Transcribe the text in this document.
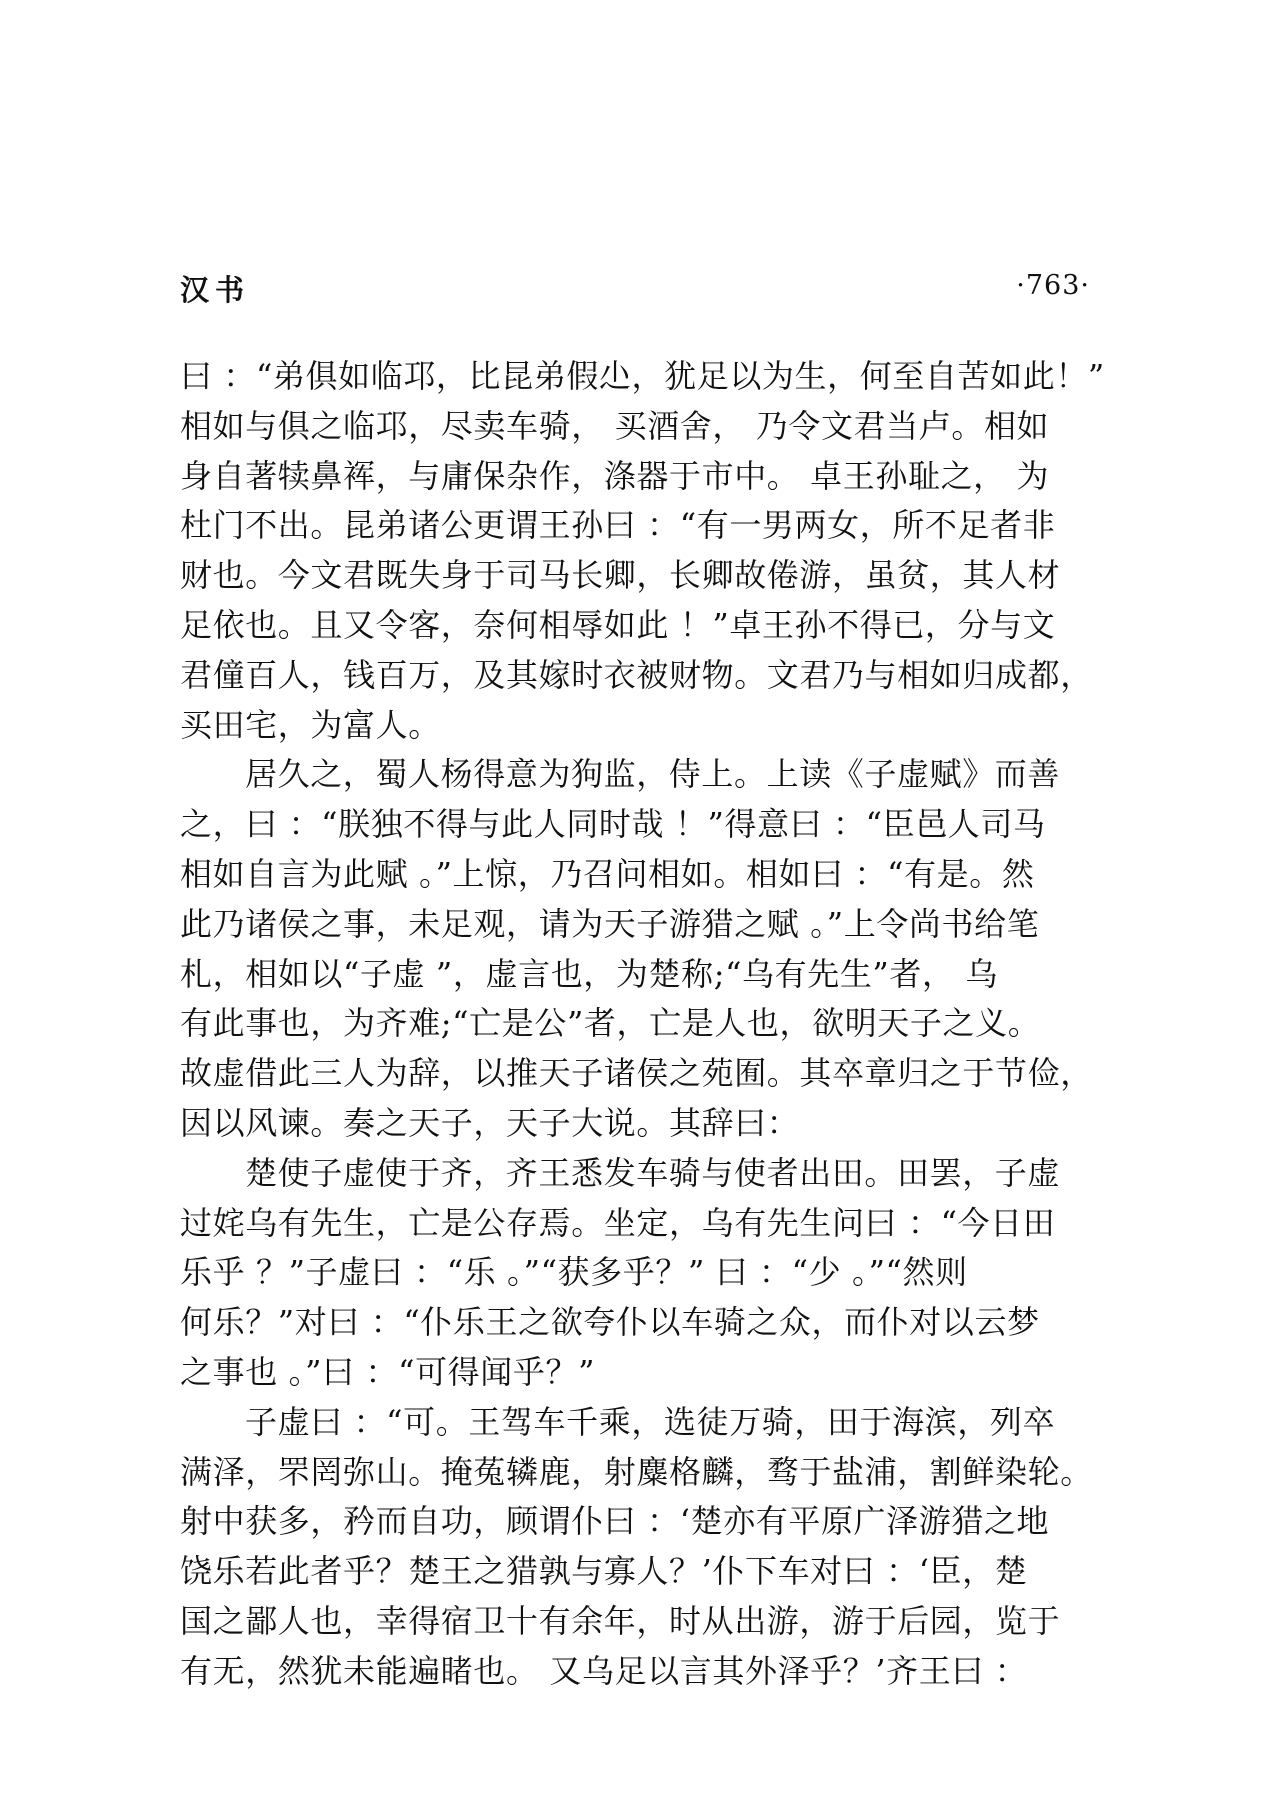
汉书	·763·
曰 ：“弟俱如临邛，比昆弟假尐，犹足以为生，何至自苦如此！”
相如与俱之临邛，尽卖车骑， 买酒舍， 乃令文君当卢。相如
身自著犊鼻裈，与庸保杂作，涤器于市中。 卓王孙耻之， 为
杜门不出。昆弟诸公更谓王孙曰 ：“有一男两女，所不足者非
财也。今文君既失身于司马长卿，长卿故倦游，虽贫，其人材
足依也。且又令客，奈何相辱如此 ！”卓王孙不得已，分与文
君僮百人，钱百万，及其嫁时衣被财物。文君乃与相如归成都，
买田宅，为富人。
居久之，蜀人杨得意为狗监，侍上。上读《子虚赋》而善
之，曰 ：“朕独不得与此人同时哉 ！”得意曰 ：“臣邑人司马
相如自言为此赋 。”上惊，乃召问相如。相如曰 ：“有是。然
此乃诸侯之事，未足观，请为天子游猎之赋 。”上令尚书给笔
札，相如以“子虚 ”，虚言也，为楚称;“乌有先生”者， 乌
有此事也，为齐难;“亡是公”者，亡是人也，欲明天子之义。
故虚借此三人为辞，以推天子诸侯之苑囿。其卒章归之于节俭，
因以风谏。奏之天子，天子大说。其辞曰：
楚使子虚使于齐，齐王悉发车骑与使者出田。田罢，子虚
过姹乌有先生，亡是公存焉。坐定，乌有先生问曰 ：“今日田
乐乎 ？”子虚曰 ：“乐 。”“获多乎？” 曰 ：“少 。”“然则
何乐？”对曰 ：“仆乐王之欲夸仆以车骑之众，而仆对以云梦
之事也 。”曰 ：“可得闻乎？”
子虚曰 ：“可。王驾车千乘，选徒万骑，田于海滨，列卒
满泽，罘罔弥山。掩菟辚鹿，射麋格麟，骛于盐浦，割鲜染轮。
射中获多，矜而自功，顾谓仆曰 ：‘楚亦有平原广泽游猎之地
饶乐若此者乎？楚王之猎孰与寡人？’仆下车对曰 ：‘臣，楚
国之鄙人也，幸得宿卫十有余年，时从出游，游于后园，览于
有无，然犹未能遍睹也。 又乌足以言其外泽乎？’齐王曰 ：
